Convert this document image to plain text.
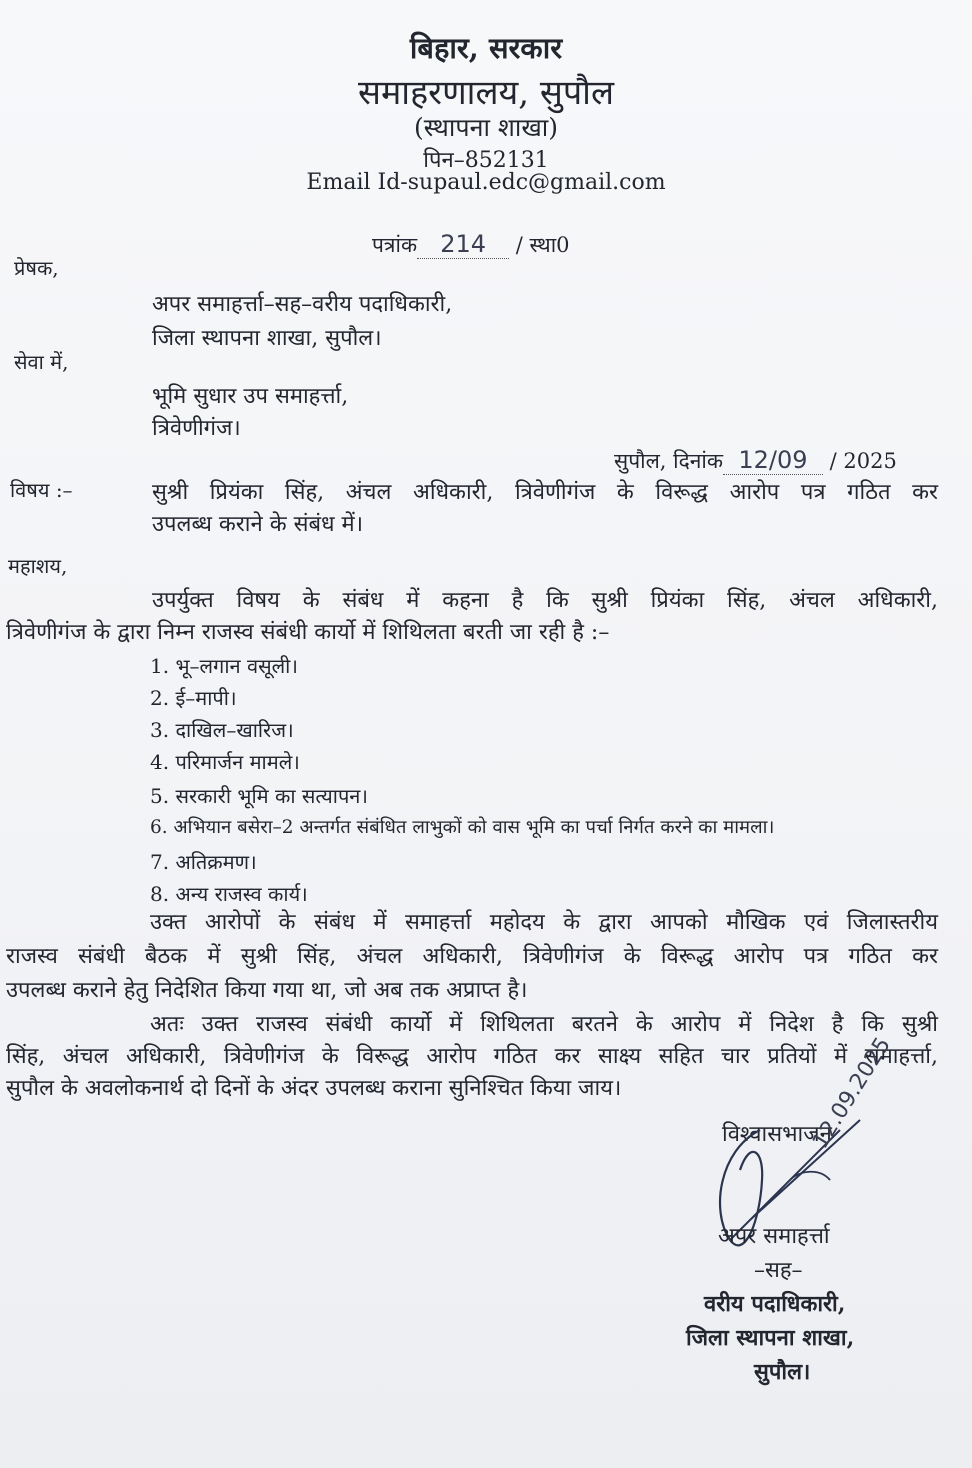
बिहार, सरकार
समाहरणालय, सुपौल
(स्थापना शाखा)
पिन–852131
Email Id-supaul.edc@gmail.com
पत्रांक 214 / स्था0
प्रेषक,
अपर समाहर्त्ता–सह–वरीय पदाधिकारी,
जिला स्थापना शाखा, सुपौल।
सेवा में,
भूमि सुधार उप समाहर्त्ता,
त्रिवेणीगंज।
सुपौल, दिनांक 12/09 / 2025
विषय :–	सुश्री प्रियंका सिंह, अंचल अधिकारी, त्रिवेणीगंज के विरूद्ध आरोप पत्र गठित कर
उपलब्ध कराने के संबंध में।
महाशय,
उपर्युक्त विषय के संबंध में कहना है कि सुश्री प्रियंका सिंह, अंचल अधिकारी,
त्रिवेणीगंज के द्वारा निम्न राजस्व संबंधी कार्यो में शिथिलता बरती जा रही है :–
1. भू–लगान वसूली।
2. ई–मापी।
3. दाखिल–खारिज।
4. परिमार्जन मामले।
5. सरकारी भूमि का सत्यापन।
6. अभियान बसेरा–2 अन्तर्गत संबंधित लाभुकों को वास भूमि का पर्चा निर्गत करने का मामला।
7. अतिक्रमण।
8. अन्य राजस्व कार्य।
उक्त आरोपों के संबंध में समाहर्त्ता महोदय के द्वारा आपको मौखिक एवं जिलास्तरीय
राजस्व संबंधी बैठक में सुश्री सिंह, अंचल अधिकारी, त्रिवेणीगंज के विरूद्ध आरोप पत्र गठित कर
उपलब्ध कराने हेतु निदेशित किया गया था, जो अब तक अप्राप्त है।
अतः उक्त राजस्व संबंधी कार्यो में शिथिलता बरतने के आरोप में निदेश है कि सुश्री
सिंह, अंचल अधिकारी, त्रिवेणीगंज के विरूद्ध आरोप गठित कर साक्ष्य सहित चार प्रतियों में समाहर्त्ता,
सुपौल के अवलोकनार्थ दो दिनों के अंदर उपलब्ध कराना सुनिश्चित किया जाय।
विश्वासभाजन
12.09.2025
अपर समाहर्त्ता
–सह–
वरीय पदाधिकारी,
जिला स्थापना शाखा,
सुपौल।
